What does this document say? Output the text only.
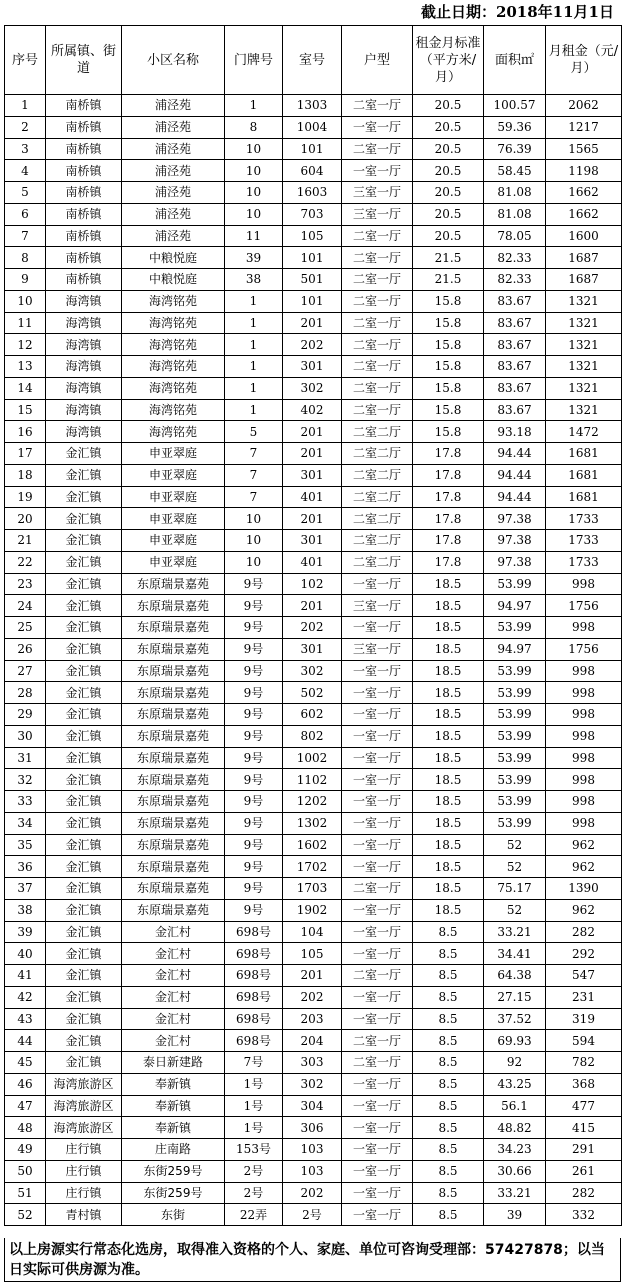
截止日期：2018年11月1日
序号	所属镇、街道	小区名称	门牌号	室号	户型	租金月标准（平方米/月）	面积㎡	月租金（元/月）
1	南桥镇	浦泾苑	1	1303	二室一厅	20.5	100.57	2062
2	南桥镇	浦泾苑	8	1004	一室一厅	20.5	59.36	1217
3	南桥镇	浦泾苑	10	101	二室一厅	20.5	76.39	1565
4	南桥镇	浦泾苑	10	604	一室一厅	20.5	58.45	1198
5	南桥镇	浦泾苑	10	1603	三室一厅	20.5	81.08	1662
6	南桥镇	浦泾苑	10	703	三室一厅	20.5	81.08	1662
7	南桥镇	浦泾苑	11	105	二室一厅	20.5	78.05	1600
8	南桥镇	中粮悦庭	39	101	二室一厅	21.5	82.33	1687
9	南桥镇	中粮悦庭	38	501	二室一厅	21.5	82.33	1687
10	海湾镇	海湾铭苑	1	101	二室一厅	15.8	83.67	1321
11	海湾镇	海湾铭苑	1	201	二室一厅	15.8	83.67	1321
12	海湾镇	海湾铭苑	1	202	二室一厅	15.8	83.67	1321
13	海湾镇	海湾铭苑	1	301	二室一厅	15.8	83.67	1321
14	海湾镇	海湾铭苑	1	302	二室一厅	15.8	83.67	1321
15	海湾镇	海湾铭苑	1	402	二室一厅	15.8	83.67	1321
16	海湾镇	海湾铭苑	5	201	二室二厅	15.8	93.18	1472
17	金汇镇	申亚翠庭	7	201	二室二厅	17.8	94.44	1681
18	金汇镇	申亚翠庭	7	301	二室二厅	17.8	94.44	1681
19	金汇镇	申亚翠庭	7	401	二室二厅	17.8	94.44	1681
20	金汇镇	申亚翠庭	10	201	二室二厅	17.8	97.38	1733
21	金汇镇	申亚翠庭	10	301	二室二厅	17.8	97.38	1733
22	金汇镇	申亚翠庭	10	401	二室二厅	17.8	97.38	1733
23	金汇镇	东原瑞景嘉苑	9号	102	一室一厅	18.5	53.99	998
24	金汇镇	东原瑞景嘉苑	9号	201	三室一厅	18.5	94.97	1756
25	金汇镇	东原瑞景嘉苑	9号	202	一室一厅	18.5	53.99	998
26	金汇镇	东原瑞景嘉苑	9号	301	三室一厅	18.5	94.97	1756
27	金汇镇	东原瑞景嘉苑	9号	302	一室一厅	18.5	53.99	998
28	金汇镇	东原瑞景嘉苑	9号	502	一室一厅	18.5	53.99	998
29	金汇镇	东原瑞景嘉苑	9号	602	一室一厅	18.5	53.99	998
30	金汇镇	东原瑞景嘉苑	9号	802	一室一厅	18.5	53.99	998
31	金汇镇	东原瑞景嘉苑	9号	1002	一室一厅	18.5	53.99	998
32	金汇镇	东原瑞景嘉苑	9号	1102	一室一厅	18.5	53.99	998
33	金汇镇	东原瑞景嘉苑	9号	1202	一室一厅	18.5	53.99	998
34	金汇镇	东原瑞景嘉苑	9号	1302	一室一厅	18.5	53.99	998
35	金汇镇	东原瑞景嘉苑	9号	1602	一室一厅	18.5	52	962
36	金汇镇	东原瑞景嘉苑	9号	1702	一室一厅	18.5	52	962
37	金汇镇	东原瑞景嘉苑	9号	1703	二室一厅	18.5	75.17	1390
38	金汇镇	东原瑞景嘉苑	9号	1902	一室一厅	18.5	52	962
39	金汇镇	金汇村	698号	104	一室一厅	8.5	33.21	282
40	金汇镇	金汇村	698号	105	一室一厅	8.5	34.41	292
41	金汇镇	金汇村	698号	201	二室一厅	8.5	64.38	547
42	金汇镇	金汇村	698号	202	一室一厅	8.5	27.15	231
43	金汇镇	金汇村	698号	203	一室一厅	8.5	37.52	319
44	金汇镇	金汇村	698号	204	二室一厅	8.5	69.93	594
45	金汇镇	泰日新建路	7号	303	二室一厅	8.5	92	782
46	海湾旅游区	奉新镇	1号	302	一室一厅	8.5	43.25	368
47	海湾旅游区	奉新镇	1号	304	一室一厅	8.5	56.1	477
48	海湾旅游区	奉新镇	1号	306	一室一厅	8.5	48.82	415
49	庄行镇	庄南路	153号	103	一室一厅	8.5	34.23	291
50	庄行镇	东街259号	2号	103	一室一厅	8.5	30.66	261
51	庄行镇	东街259号	2号	202	一室一厅	8.5	33.21	282
52	青村镇	东街	22弄	2号	一室一厅	8.5	39	332
以上房源实行常态化选房，取得准入资格的个人、家庭、单位可咨询受理部：57427878；以当日实际可供房源为准。
